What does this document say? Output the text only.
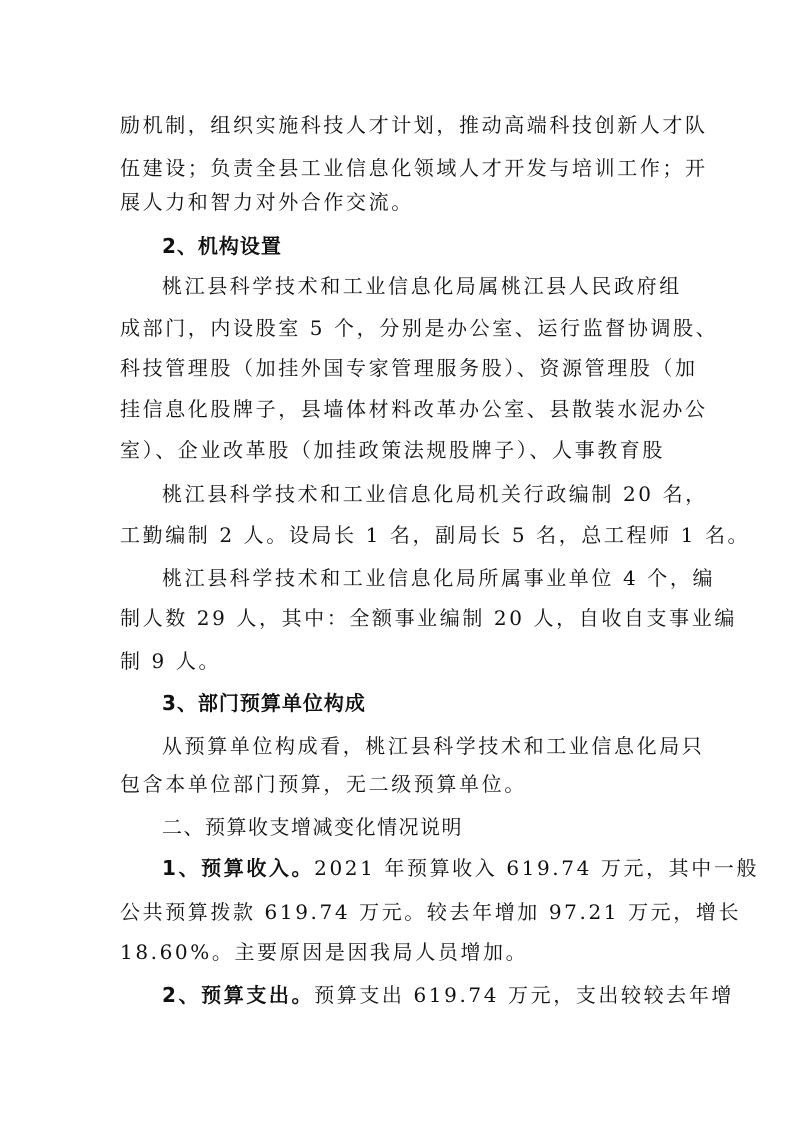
励机制，组织实施科技人才计划，推动高端科技创新人才队
伍建设；负责全县工业信息化领域人才开发与培训工作；开
展人力和智力对外合作交流。
2、机构设置
桃江县科学技术和工业信息化局属桃江县人民政府组
成部门，内设股室 5 个，分别是办公室、运行监督协调股、
科技管理股（加挂外国专家管理服务股）、资源管理股（加
挂信息化股牌子，县墙体材料改革办公室、县散装水泥办公
室）、企业改革股（加挂政策法规股牌子）、人事教育股
桃江县科学技术和工业信息化局机关行政编制 20 名，
工勤编制 2 人。设局长 1 名，副局长 5 名，总工程师 1 名。
桃江县科学技术和工业信息化局所属事业单位 4 个，编
制人数 29 人，其中：全额事业编制 20 人，自收自支事业编
制 9 人。
3、部门预算单位构成
从预算单位构成看，桃江县科学技术和工业信息化局只
包含本单位部门预算，无二级预算单位。
二、预算收支增减变化情况说明
1、预算收入。2021 年预算收入 619.74 万元，其中一般
公共预算拨款 619.74 万元。较去年增加 97.21 万元，增长
18.60%。主要原因是因我局人员增加。
2、预算支出。预算支出 619.74 万元，支出较较去年增
